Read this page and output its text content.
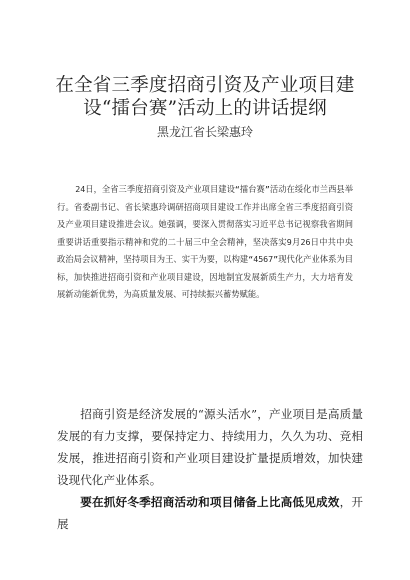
在全省三季度招商引资及产业项目建设“擂台赛”活动上的讲话提纲
黑龙江省长梁惠玲
24日，全省三季度招商引资及产业项目建设“擂台赛”活动在绥化市兰西县举行。省委副书记、省长梁惠玲调研招商项目建设工作并出席全省三季度招商引资及产业项目建设推进会议。她强调，要深入贯彻落实习近平总书记视察我省期间重要讲话重要指示精神和党的二十届三中全会精神，坚决落实9月26日中共中央政治局会议精神，坚持项目为王、实干为要，以构建“4567”现代化产业体系为目标，加快推进招商引资和产业项目建设，因地制宜发展新质生产力，大力培育发展新动能新优势，为高质量发展、可持续振兴蓄势赋能。
招商引资是经济发展的“源头活水”，产业项目是高质量发展的有力支撑，要保持定力、持续用力，久久为功、竞相发展，推进招商引资和产业项目建设扩量提质增效，加快建设现代化产业体系。
要在抓好冬季招商活动和项目储备上比高低见成效，开展
